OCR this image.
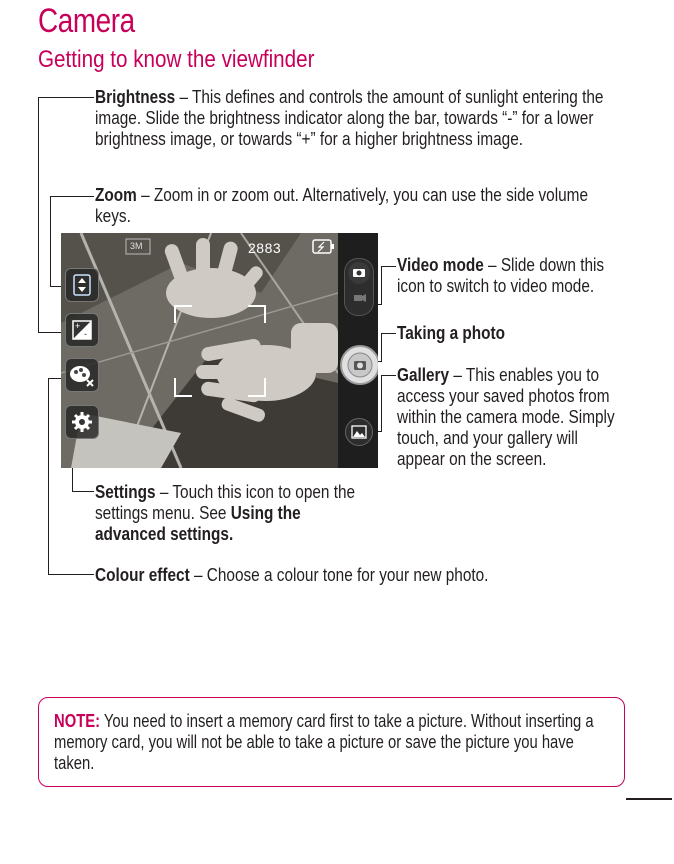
Camera
Getting to know the viewfinder
Brightness – This defines and controls the amount of sunlight entering the image. Slide the brightness indicator along the bar, towards “-” for a lower brightness image, or towards “+” for a higher brightness image.
Zoom – Zoom in or zoom out. Alternatively, you can use the side volume keys.
Video mode – Slide down this icon to switch to video mode.
Taking a photo
Gallery – This enables you to access your saved photos from within the camera mode. Simply touch, and your gallery will appear on the screen.
Settings – Touch this icon to open the settings menu. See Using the advanced settings.
Colour effect – Choose a colour tone for your new photo.
3M	2883
+
-
NOTE: You need to insert a memory card first to take a picture. Without inserting a memory card, you will not be able to take a picture or save the picture you have taken.
